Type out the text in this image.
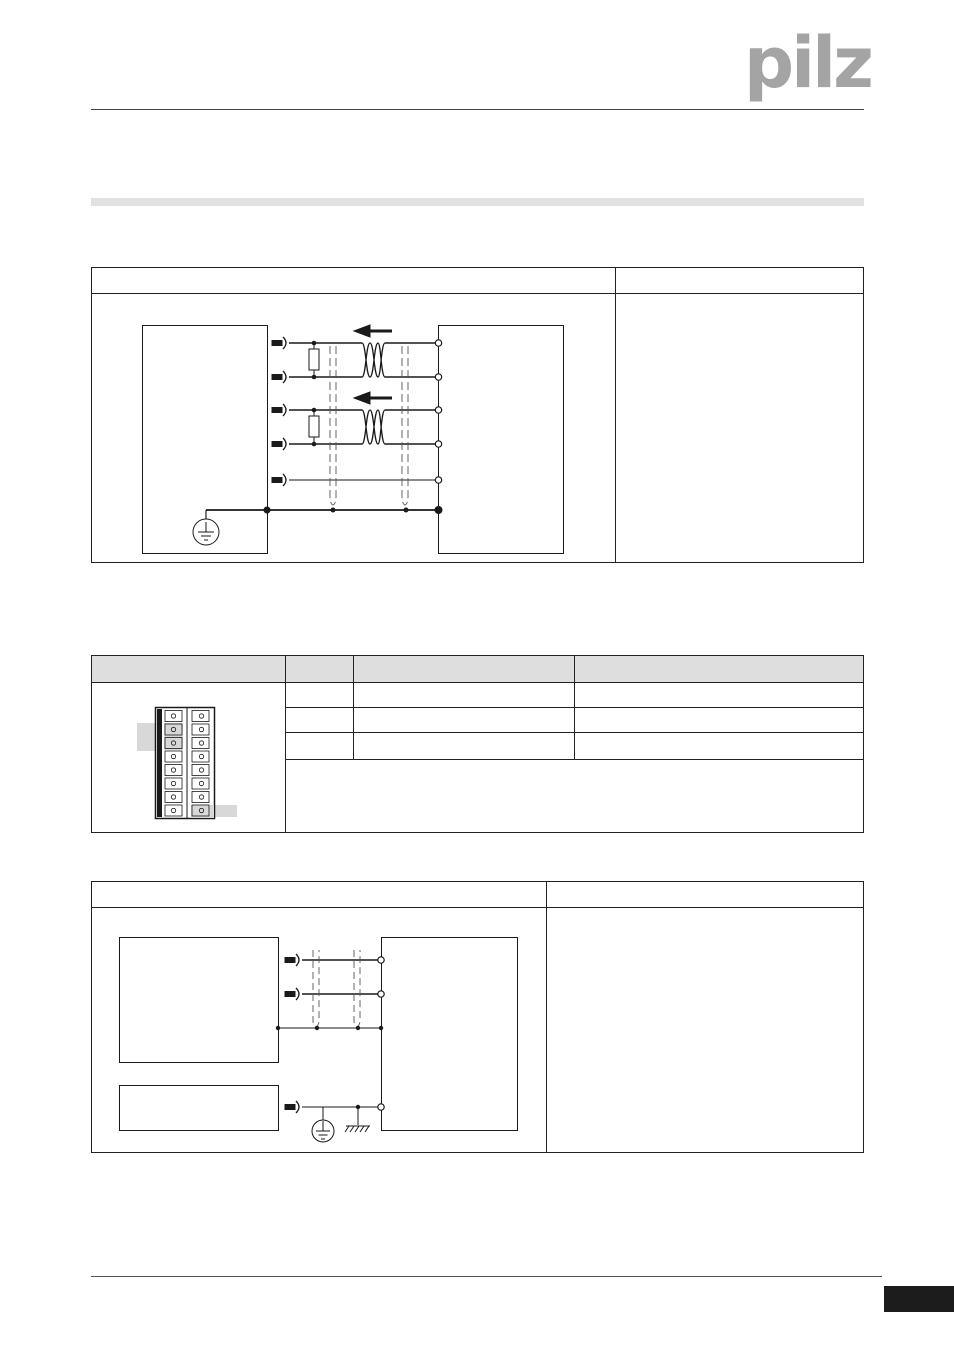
pilz
